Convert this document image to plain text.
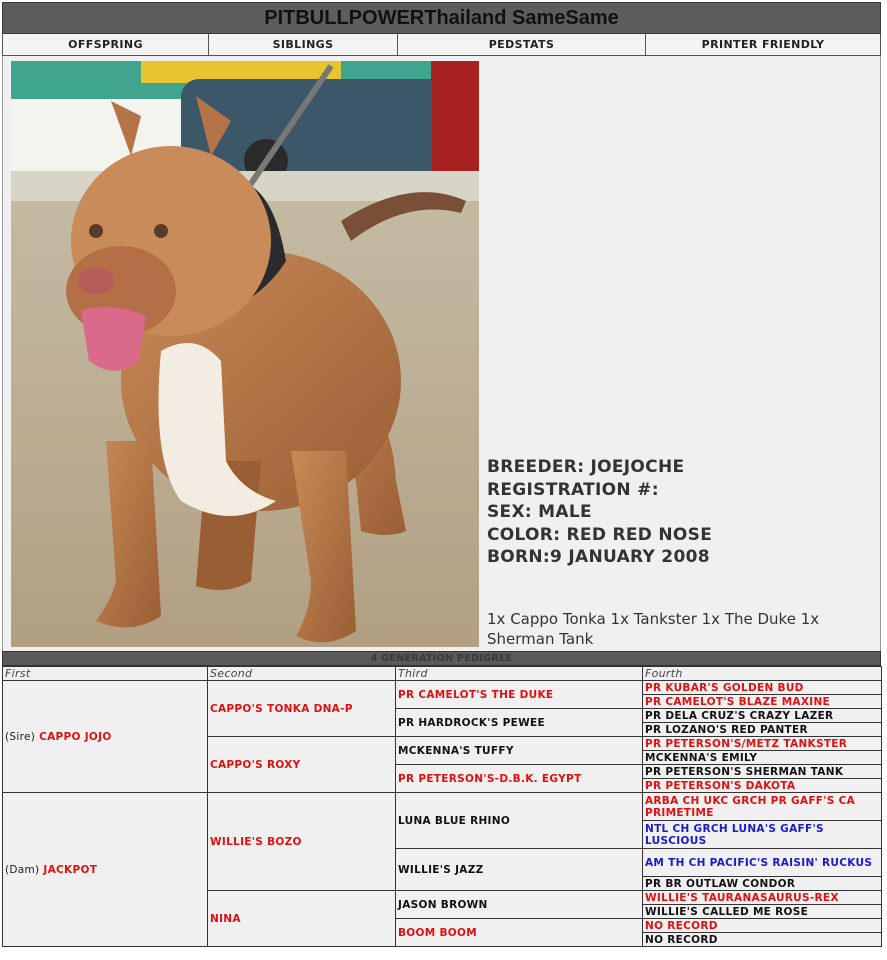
PITBULLPOWERThailand SameSame
OFFSPRING	SIBLINGS	PEDSTATS	PRINTER FRIENDLY
BREEDER: JOEJOCHE
REGISTRATION #:
SEX: MALE
COLOR: RED RED NOSE
BORN:9 JANUARY 2008
1x Cappo Tonka 1x Tankster 1x The Duke 1x Sherman Tank
4 GENERATION PEDIGREE
First	Second	Third	Fourth
(Sire) CAPPO JOJO	CAPPO'S TONKA DNA-P	PR CAMELOT'S THE DUKE	PR KUBAR'S GOLDEN BUD
			PR CAMELOT'S BLAZE MAXINE
		PR HARDROCK'S PEWEE	PR DELA CRUZ'S CRAZY LAZER
			PR LOZANO'S RED PANTER
	CAPPO'S ROXY	MCKENNA'S TUFFY	PR PETERSON'S/METZ TANKSTER
			MCKENNA'S EMILY
		PR PETERSON'S-D.B.K. EGYPT	PR PETERSON'S SHERMAN TANK
			PR PETERSON'S DAKOTA
(Dam) JACKPOT	WILLIE'S BOZO	LUNA BLUE RHINO	ARBA CH UKC GRCH PR GAFF'S CA PRIMETIME
			NTL CH GRCH LUNA'S GAFF'S LUSCIOUS
		WILLIE'S JAZZ	AM TH CH PACIFIC'S RAISIN' RUCKUS
			PR BR OUTLAW CONDOR
	NINA	JASON BROWN	WILLIE'S TAURANASAURUS-REX
			WILLIE'S CALLED ME ROSE
		BOOM BOOM	NO RECORD
			NO RECORD
